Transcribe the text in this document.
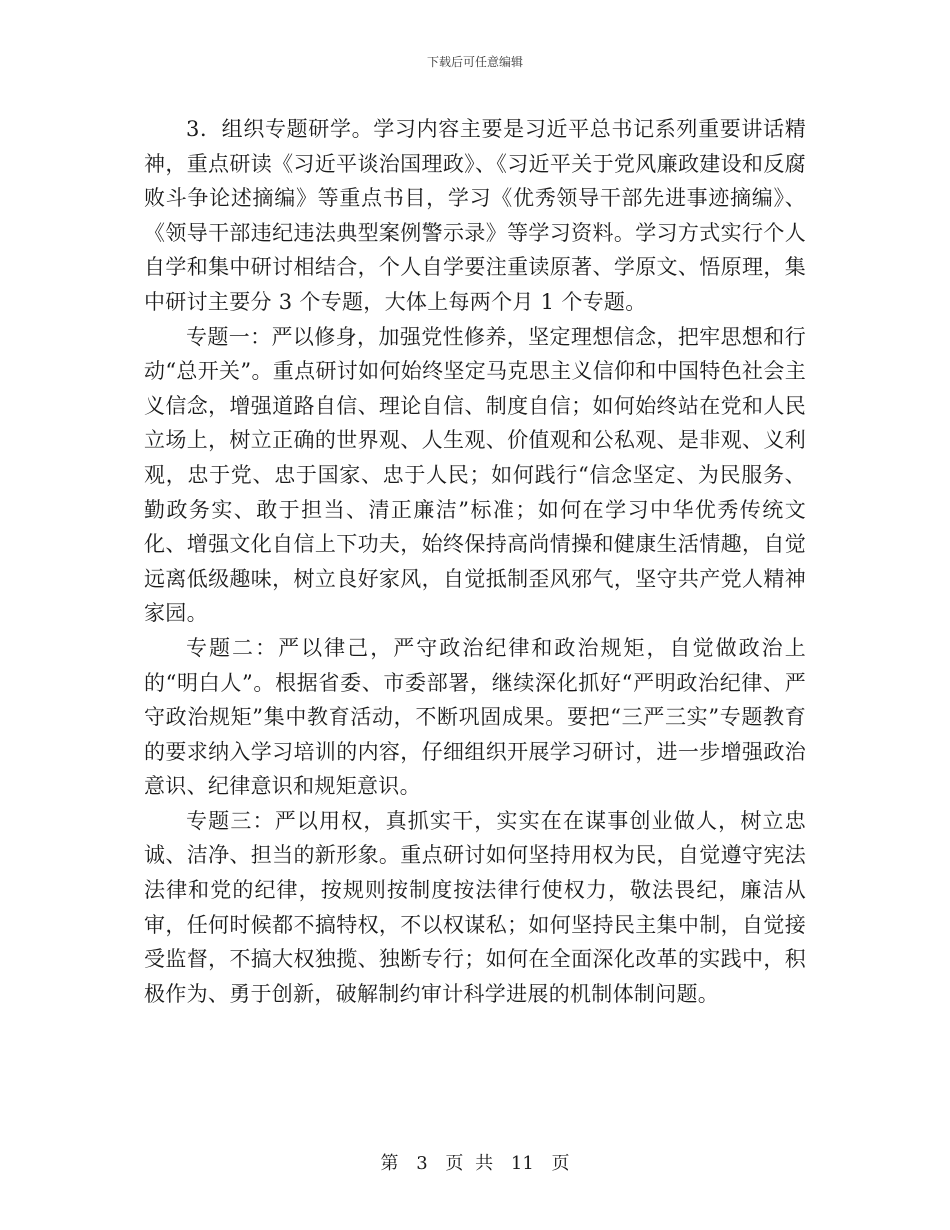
下载后可任意编辑

3．组织专题研学。学习内容主要是习近平总书记系列重要讲话精神，重点研读《习近平谈治国理政》、《习近平关于党风廉政建设和反腐败斗争论述摘编》等重点书目，学习《优秀领导干部先进事迹摘编》、《领导干部违纪违法典型案例警示录》等学习资料。学习方式实行个人自学和集中研讨相结合，个人自学要注重读原著、学原文、悟原理，集中研讨主要分 3 个专题，大体上每两个月 1 个专题。

专题一：严以修身，加强党性修养，坚定理想信念，把牢思想和行动“总开关”。重点研讨如何始终坚定马克思主义信仰和中国特色社会主义信念，增强道路自信、理论自信、制度自信；如何始终站在党和人民立场上，树立正确的世界观、人生观、价值观和公私观、是非观、义利观，忠于党、忠于国家、忠于人民；如何践行“信念坚定、为民服务、勤政务实、敢于担当、清正廉洁”标准；如何在学习中华优秀传统文化、增强文化自信上下功夫，始终保持高尚情操和健康生活情趣，自觉远离低级趣味，树立良好家风，自觉抵制歪风邪气，坚守共产党人精神家园。

专题二：严以律己，严守政治纪律和政治规矩，自觉做政治上的“明白人”。根据省委、市委部署，继续深化抓好“严明政治纪律、严守政治规矩”集中教育活动，不断巩固成果。要把“三严三实”专题教育的要求纳入学习培训的内容，仔细组织开展学习研讨，进一步增强政治意识、纪律意识和规矩意识。

专题三：严以用权，真抓实干，实实在在谋事创业做人，树立忠诚、洁净、担当的新形象。重点研讨如何坚持用权为民，自觉遵守宪法法律和党的纪律，按规则按制度按法律行使权力，敬法畏纪，廉洁从审，任何时候都不搞特权，不以权谋私；如何坚持民主集中制，自觉接受监督，不搞大权独揽、独断专行；如何在全面深化改革的实践中，积极作为、勇于创新，破解制约审计科学进展的机制体制问题。

第 3 页 共 11 页
